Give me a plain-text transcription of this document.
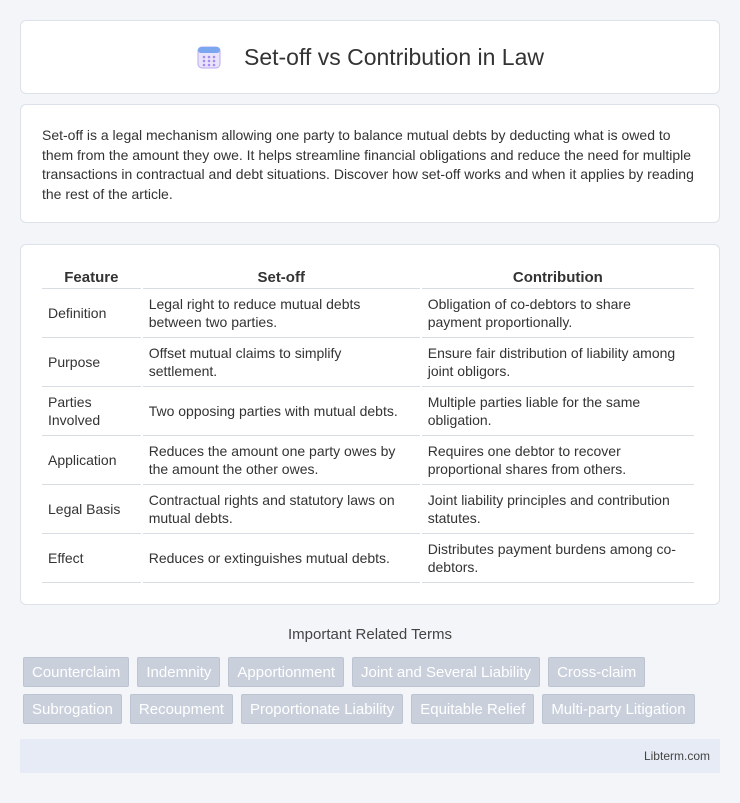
Set-off vs Contribution in Law

Set-off is a legal mechanism allowing one party to balance mutual debts by deducting what is owed to them from the amount they owe. It helps streamline financial obligations and reduce the need for multiple transactions in contractual and debt situations. Discover how set-off works and when it applies by reading the rest of the article.

Feature	Set-off	Contribution
Definition	Legal right to reduce mutual debts between two parties.	Obligation of co-debtors to share payment proportionally.
Purpose	Offset mutual claims to simplify settlement.	Ensure fair distribution of liability among joint obligors.
Parties Involved	Two opposing parties with mutual debts.	Multiple parties liable for the same obligation.
Application	Reduces the amount one party owes by the amount the other owes.	Requires one debtor to recover proportional shares from others.
Legal Basis	Contractual rights and statutory laws on mutual debts.	Joint liability principles and contribution statutes.
Effect	Reduces or extinguishes mutual debts.	Distributes payment burdens among co-debtors.
Important Related Terms
Counterclaim	Indemnity	Apportionment	Joint and Several Liability	Cross-claim
Subrogation	Recoupment	Proportionate Liability	Equitable Relief	Multi-party Litigation
Libterm.com
